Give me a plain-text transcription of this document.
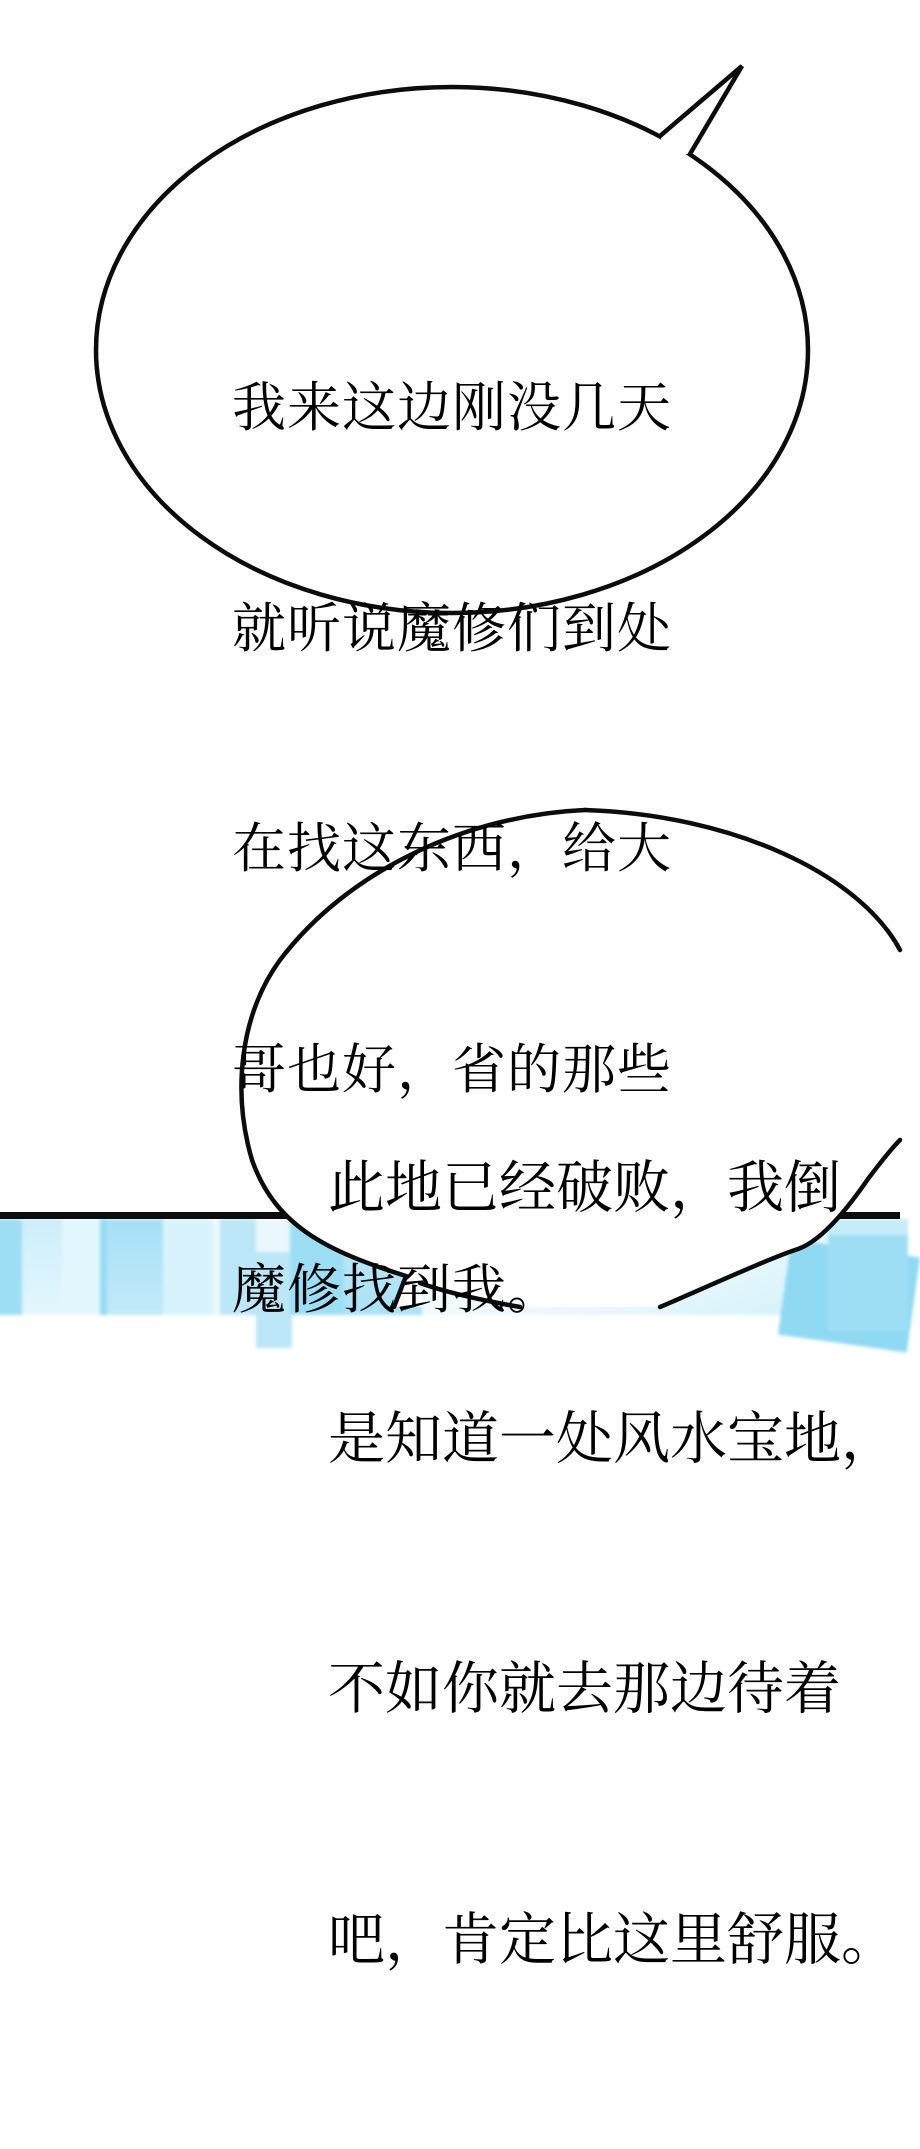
我来这边刚没几天

就听说魔修们到处

在找这东西，给大

哥也好，省的那些

魔修找到我。

此地已经破败，我倒

是知道一处风水宝地，

不如你就去那边待着

吧，肯定比这里舒服。
